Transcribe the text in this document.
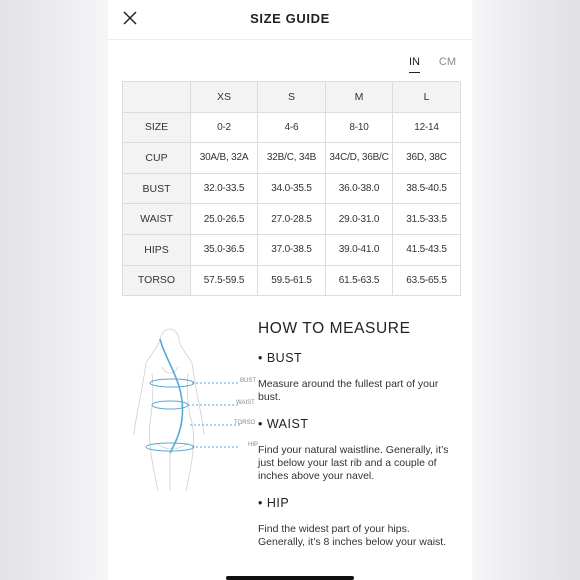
SIZE GUIDE
IN CM
	XS	S	M	L
SIZE	0-2	4-6	8-10	12-14
CUP	30A/B, 32A	32B/C, 34B	34C/D, 36B/C	36D, 38C
BUST	32.0-33.5	34.0-35.5	36.0-38.0	38.5-40.5
WAIST	25.0-26.5	27.0-28.5	29.0-31.0	31.5-33.5
HIPS	35.0-36.5	37.0-38.5	39.0-41.0	41.5-43.5
TORSO	57.5-59.5	59.5-61.5	61.5-63.5	63.5-65.5
BUST
WAIST
TORSO
HIP
HOW TO MEASURE
• BUST
Measure around the fullest part of your bust.
• WAIST
Find your natural waistline. Generally, it’s just below your last rib and a couple of inches above your navel.
• HIP
Find the widest part of your hips. Generally, it’s 8 inches below your waist.
